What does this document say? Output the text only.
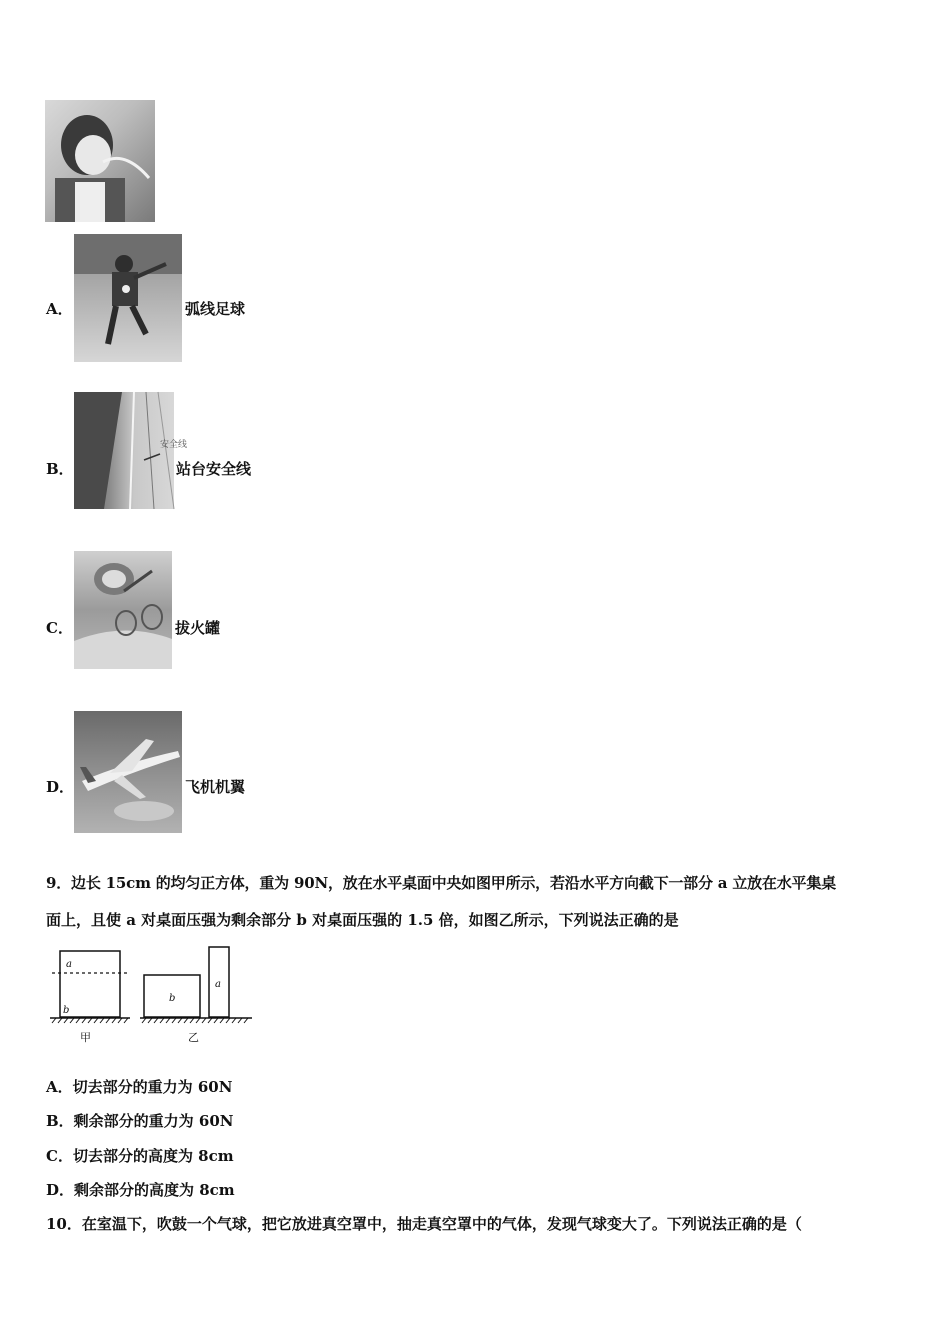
A．	弧线足球
B．
安全线
站台安全线
C．	拔火罐
D．	飞机机翼
9．边长 15cm 的均匀正方体，重为 90N，放在水平桌面中央如图甲所示，若沿水平方向截下一部分 a 立放在水平集桌
面上，且使 a 对桌面压强为剩余部分 b 对桌面压强的 1.5 倍，如图乙所示，下列说法正确的是
a
b
甲
b
a
乙
A．切去部分的重力为 60N
B．剩余部分的重力为 60N
C．切去部分的高度为 8cm
D．剩余部分的高度为 8cm
10．在室温下，吹鼓一个气球，把它放进真空罩中，抽走真空罩中的气体，发现气球变大了。下列说法正确的是（
